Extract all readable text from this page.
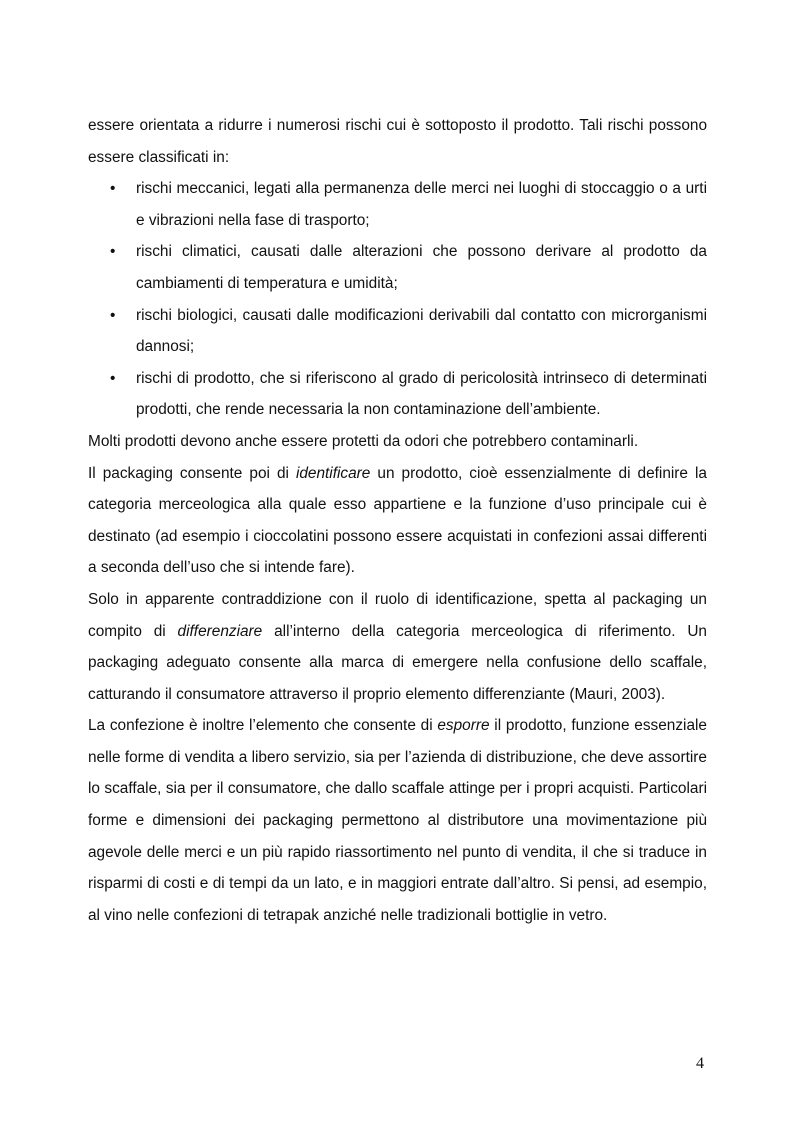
essere orientata a ridurre i numerosi rischi cui è sottoposto il prodotto. Tali rischi possono essere classificati in:

• rischi meccanici, legati alla permanenza delle merci nei luoghi di stoccaggio o a urti e vibrazioni nella fase di trasporto;
• rischi climatici, causati dalle alterazioni che possono derivare al prodotto da cambiamenti di temperatura e umidità;
• rischi biologici, causati dalle modificazioni derivabili dal contatto con microrganismi dannosi;
• rischi di prodotto, che si riferiscono al grado di pericolosità intrinseco di determinati prodotti, che rende necessaria la non contaminazione dell’ambiente.

Molti prodotti devono anche essere protetti da odori che potrebbero contaminarli.

Il packaging consente poi di identificare un prodotto, cioè essenzialmente di definire la categoria merceologica alla quale esso appartiene e la funzione d’uso principale cui è destinato (ad esempio i cioccolatini possono essere acquistati in confezioni assai differenti a seconda dell’uso che si intende fare).

Solo in apparente contraddizione con il ruolo di identificazione, spetta al packaging un compito di differenziare all’interno della categoria merceologica di riferimento. Un packaging adeguato consente alla marca di emergere nella confusione dello scaffale, catturando il consumatore attraverso il proprio elemento differenziante (Mauri, 2003).

La confezione è inoltre l’elemento che consente di esporre il prodotto, funzione essenziale nelle forme di vendita a libero servizio, sia per l’azienda di distribuzione, che deve assortire lo scaffale, sia per il consumatore, che dallo scaffale attinge per i propri acquisti. Particolari forme e dimensioni dei packaging permettono al distributore una movimentazione più agevole delle merci e un più rapido riassortimento nel punto di vendita, il che si traduce in risparmi di costi e di tempi da un lato, e in maggiori entrate dall’altro. Si pensi, ad esempio, al vino nelle confezioni di tetrapak anziché nelle tradizionali bottiglie in vetro.

4
